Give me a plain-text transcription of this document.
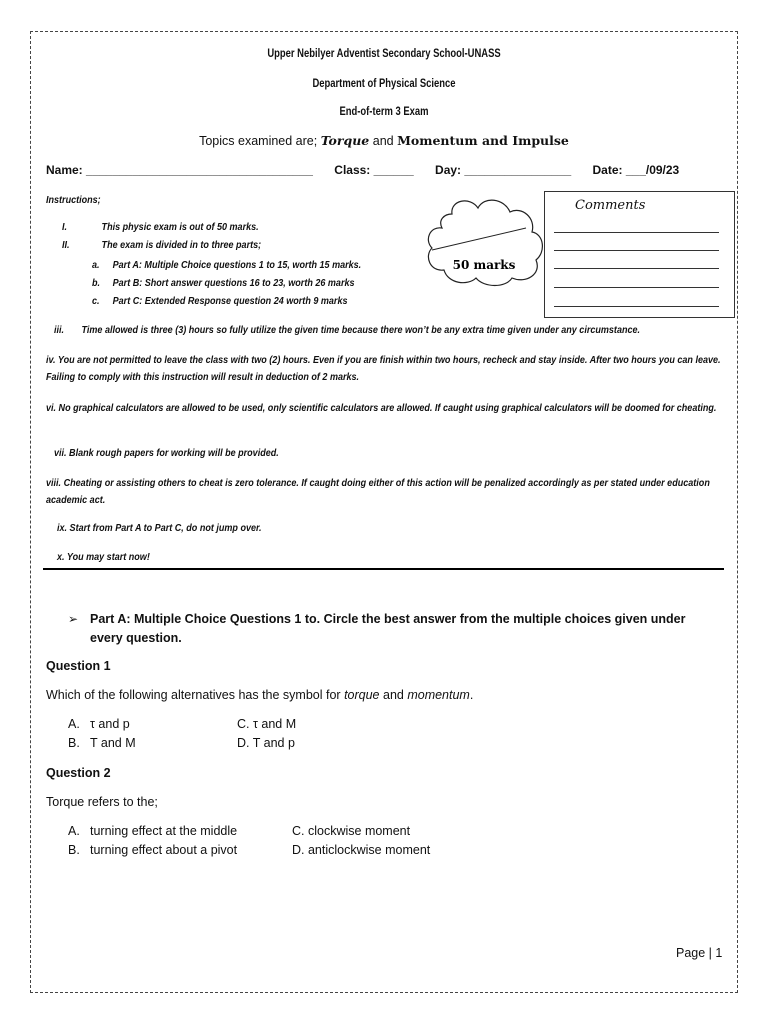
Upper Nebilyer Adventist Secondary School-UNASS
Department of Physical Science
End-of-term 3 Exam
Topics examined are; Torque and Momentum and Impulse
Name: __________________________________ Class: ______ Day: ________________ Date: ___/09/23
Instructions;
I.	This physic exam is out of 50 marks.
II.	The exam is divided in to three parts;
a. Part A: Multiple Choice questions 1 to 15, worth 15 marks.
b. Part B: Short answer questions 16 to 23, worth 26 marks
c. Part C: Extended Response question 24 worth 9 marks
50 marks
Comments
iii. Time allowed is three (3) hours so fully utilize the given time because there won’t be any extra time given under any circumstance.
iv. You are not permitted to leave the class with two (2) hours. Even if you are finish within two hours, recheck and stay inside. After two hours you can leave. Failing to comply with this instruction will result in deduction of 2 marks.
vi. No graphical calculators are allowed to be used, only scientific calculators are allowed. If caught using graphical calculators will be doomed for cheating.
vii. Blank rough papers for working will be provided.
viii. Cheating or assisting others to cheat is zero tolerance. If caught doing either of this action will be penalized accordingly as per stated under education academic act.
ix. Start from Part A to Part C, do not jump over.
x. You may start now!
➢ Part A: Multiple Choice Questions 1 to. Circle the best answer from the multiple choices given under every question.
Question 1
Which of the following alternatives has the symbol for torque and momentum.
A. τ and p
B. T and M
C. τ and M
D. T and p
Question 2
Torque refers to the;
A. turning effect at the middle
B. turning effect about a pivot
C. clockwise moment
D. anticlockwise moment
Page | 1
